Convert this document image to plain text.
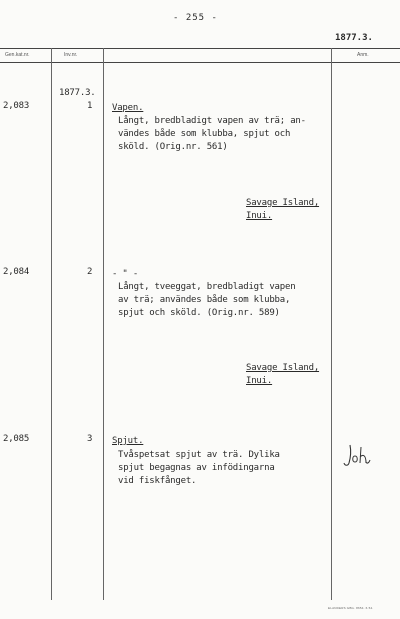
- 255 -
1877.3.
Gen.kat.nr.	Inv.nr.	Anm.
1877.3.
2,083	1 Vapen.
Långt, bredbladigt vapen av trä; an-
vändes både som klubba, spjut och
sköld. (Orig.nr. 561)
Savage Island,
Inui.
2,084	2 - " -
Långt, tveeggat, bredbladigt vapen
av trä; användes både som klubba,
spjut och sköld. (Orig.nr. 589)
Savage Island,
Inui.
2,085	3 Spjut.
Tvåspetsat spjut av trä. Dylika
spjut begagnas av infödingarna
vid fiskfånget.
ELANDERS GBG. 8654. 6.54.
